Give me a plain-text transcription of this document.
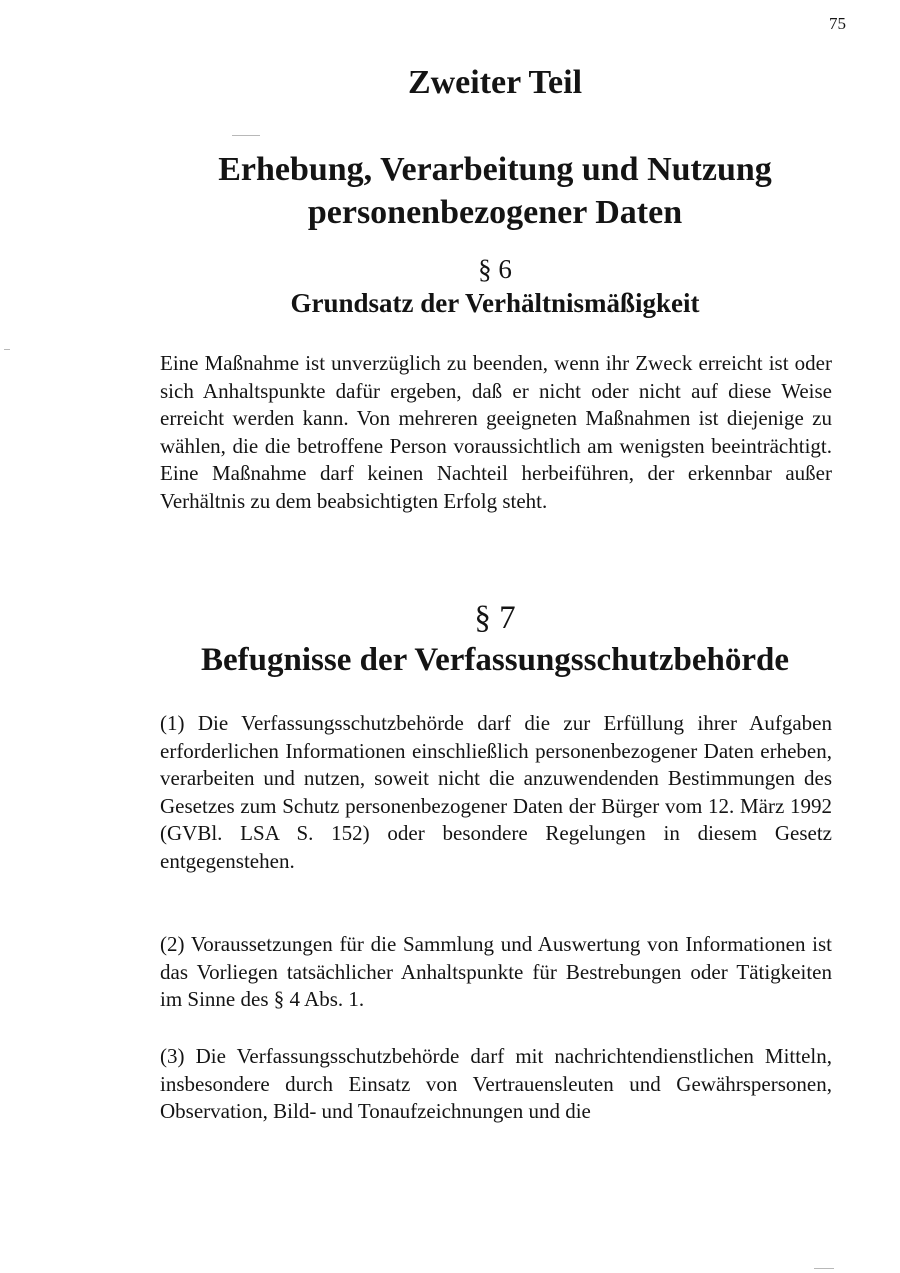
75
Zweiter Teil
Erhebung, Verarbeitung und Nutzung
personenbezogener Daten
§ 6
Grundsatz der Verhältnismäßigkeit

Eine Maßnahme ist unverzüglich zu beenden, wenn ihr Zweck erreicht ist oder sich Anhaltspunkte dafür ergeben, daß er nicht oder nicht auf diese Weise erreicht werden kann. Von mehreren geeigneten Maßnahmen ist diejenige zu wählen, die die betroffene Person voraussichtlich am wenigsten beeinträchtigt. Eine Maßnahme darf keinen Nachteil herbeiführen, der erkennbar außer Verhältnis zu dem beabsichtigten Erfolg steht.

§ 7
Befugnisse der Verfassungsschutzbehörde

(1) Die Verfassungsschutzbehörde darf die zur Erfüllung ihrer Aufgaben erforderlichen Informationen einschließlich personenbezogener Daten erheben, verarbeiten und nutzen, soweit nicht die anzuwendenden Bestimmungen des Gesetzes zum Schutz personenbezogener Daten der Bürger vom 12. März 1992 (GVBl. LSA S. 152) oder besondere Regelungen in diesem Gesetz entgegenstehen.

(2) Voraussetzungen für die Sammlung und Auswertung von Informationen ist das Vorliegen tatsächlicher Anhaltspunkte für Bestrebungen oder Tätigkeiten im Sinne des § 4 Abs. 1.

(3) Die Verfassungsschutzbehörde darf mit nachrichtendienstlichen Mitteln, insbesondere durch Einsatz von Vertrauensleuten und Gewährspersonen, Observation, Bild- und Tonaufzeichnungen und die
